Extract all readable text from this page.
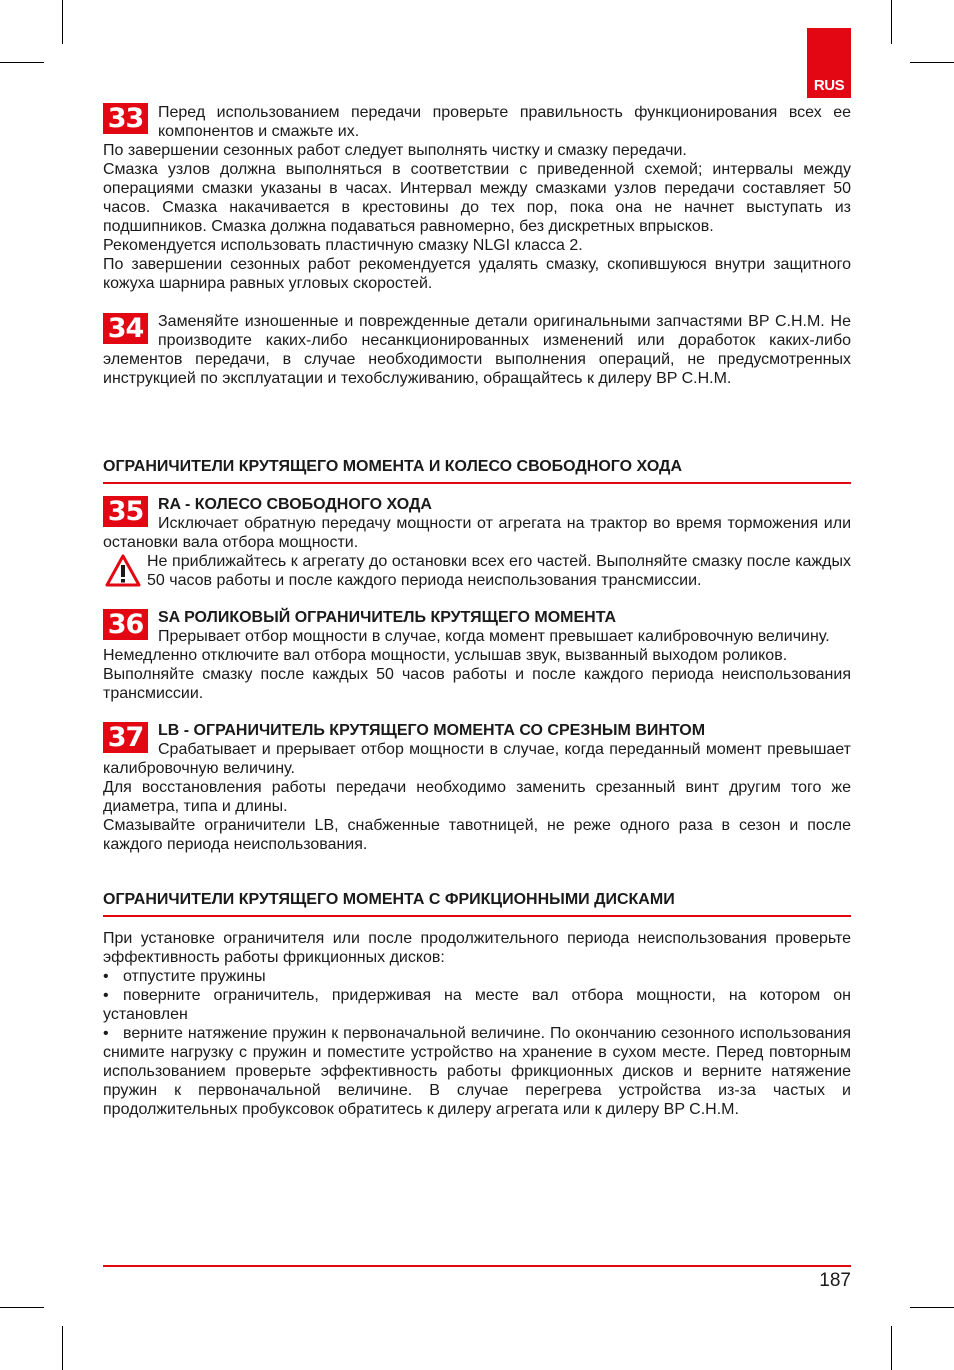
RUS
33 Перед использованием передачи проверьте правильность функционирования всех ее компонентов и смажьте их.

По завершении сезонных работ следует выполнять чистку и смазку передачи.

Смазка узлов должна выполняться в соответствии с приведенной схемой; интервалы между операциями смазки указаны в часах. Интервал между смазками узлов передачи составляет 50 часов. Смазка накачивается в крестовины до тех пор, пока она не начнет выступать из подшипников. Смазка должна подаваться равномерно, без дискретных впрысков.

Рекомендуется использовать пластичную смазку NLGI класса 2.

По завершении сезонных работ рекомендуется удалять смазку, скопившуюся внутри защитного кожуха шарнира равных угловых скоростей.

34 Заменяйте изношенные и поврежденные детали оригинальными запчастями BP C.H.M. Не производите каких-либо несанкционированных изменений или доработок каких-либо элементов передачи, в случае необходимости выполнения операций, не предусмотренных инструкцией по эксплуатации и техобслуживанию, обращайтесь к дилеру BP C.H.M.

ОГРАНИЧИТЕЛИ КРУТЯЩЕГО МОМЕНТА И КОЛЕСО СВОБОДНОГО ХОДА
35 RA - КОЛЕСО СВОБОДНОГО ХОДА

Исключает обратную передачу мощности от агрегата на трактор во время торможения или остановки вала отбора мощности.

Не приближайтесь к агрегату до остановки всех его частей. Выполняйте смазку после каждых 50 часов работы и после каждого периода неиспользования трансмиссии.

36 SA РОЛИКОВЫЙ ОГРАНИЧИТЕЛЬ КРУТЯЩЕГО МОМЕНТА

Прерывает отбор мощности в случае, когда момент превышает калибровочную величину.

Немедленно отключите вал отбора мощности, услышав звук, вызванный выходом роликов.

Выполняйте смазку после каждых 50 часов работы и после каждого периода неиспользования трансмиссии.

37 LB - ОГРАНИЧИТЕЛЬ КРУТЯЩЕГО МОМЕНТА СО СРЕЗНЫМ ВИНТОМ

Срабатывает и прерывает отбор мощности в случае, когда переданный момент превышает калибровочную величину.

Для восстановления работы передачи необходимо заменить срезанный винт другим того же диаметра, типа и длины.

Смазывайте ограничители LB, снабженные тавотницей, не реже одного раза в сезон и после каждого периода неиспользования.

ОГРАНИЧИТЕЛИ КРУТЯЩЕГО МОМЕНТА С ФРИКЦИОННЫМИ ДИСКАМИ

При установке ограничителя или после продолжительного периода неиспользования проверьте эффективность работы фрикционных дисков:

• отпустите пружины

• поверните ограничитель, придерживая на месте вал отбора мощности, на котором он установлен

• верните натяжение пружин к первоначальной величине. По окончанию сезонного использования снимите нагрузку с пружин и поместите устройство на хранение в сухом месте. Перед повторным использованием проверьте эффективность работы фрикционных дисков и верните натяжение пружин к первоначальной величине. В случае перегрева устройства из-за частых и продолжительных пробуксовок обратитесь к дилеру агрегата или к дилеру BP C.H.M.

187
